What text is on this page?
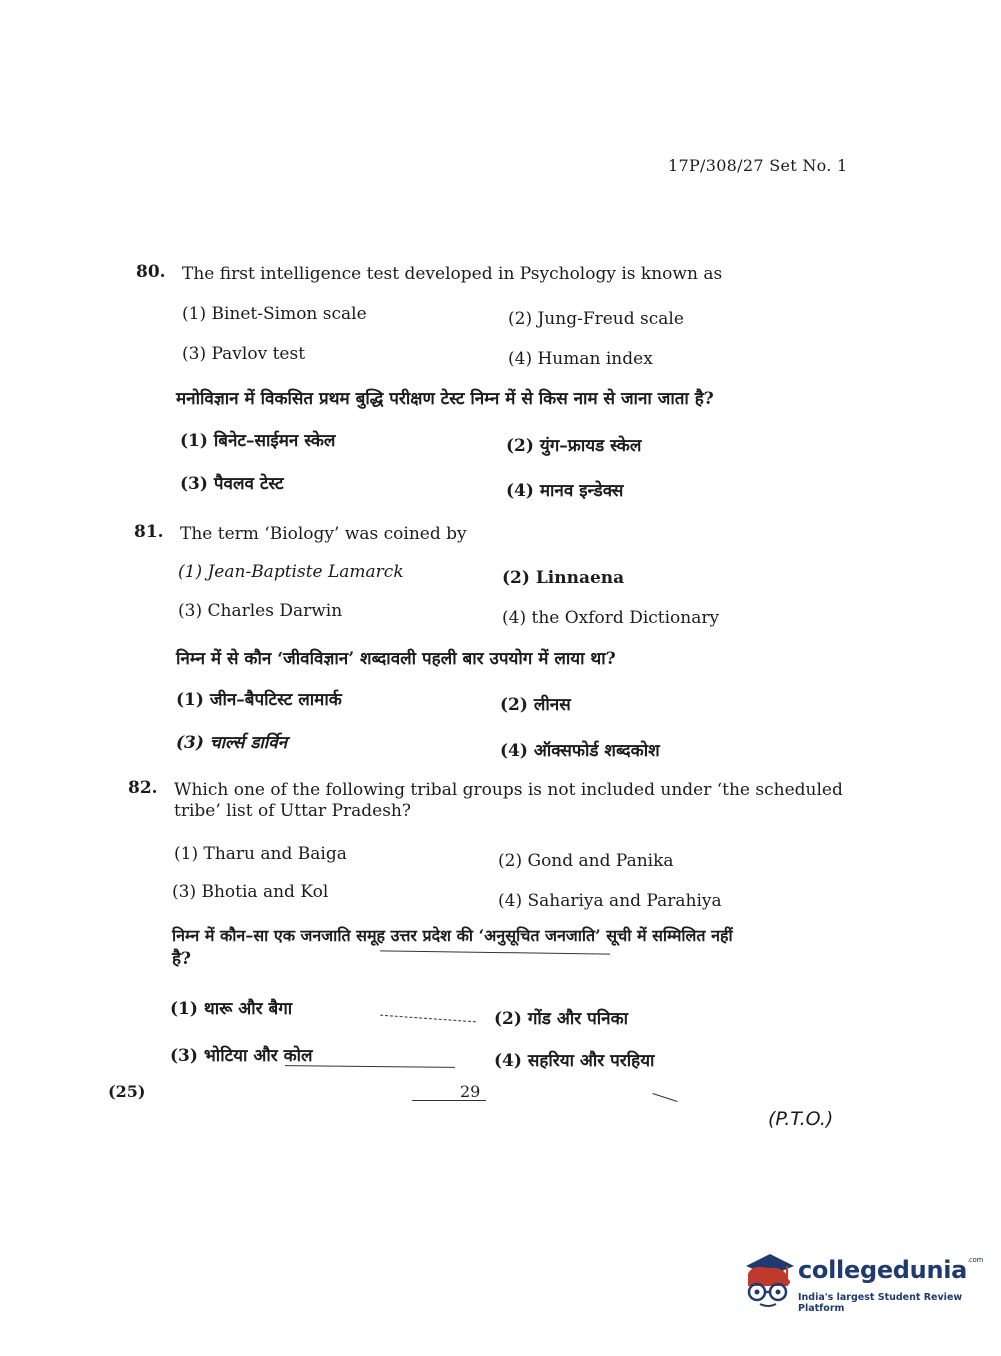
17P/308/27 Set No. 1
80. The first intelligence test developed in Psychology is known as
(1) Binet-Simon scale	(2) Jung-Freud scale
(3) Pavlov test	(4) Human index
मनोविज्ञान में विकसित प्रथम बुद्धि परीक्षण टेस्ट निम्न में से किस नाम से जाना जाता है?
(1) बिनेट–साईमन स्केल	(2) युंग–फ्रायड स्केल
(3) पैवलव टेस्ट	(4) मानव इन्डेक्स
81. The term ‘Biology’ was coined by
(1) Jean-Baptiste Lamarck	(2) Linnaena
(3) Charles Darwin	(4) the Oxford Dictionary
निम्न में से कौन ‘जीवविज्ञान’ शब्दावली पहली बार उपयोग में लाया था?
(1) जीन–बैपटिस्ट लामार्क	(2) लीनस
(3) चार्ल्स डार्विन	(4) ऑक्सफोर्ड शब्दकोश
82. Which one of the following tribal groups is not included under ‘the scheduled
tribe’ list of Uttar Pradesh?
(1) Tharu and Baiga	(2) Gond and Panika
(3) Bhotia and Kol	(4) Sahariya and Parahiya
निम्न में कौन–सा एक जनजाति समूह उत्तर प्रदेश की ‘अनुसूचित जनजाति’ सूची में सम्मिलित नहीं
है?
(1) थारू और बैगा	(2) गोंड और पनिका
(3) भोटिया और कोल	(4) सहरिया और परहिया
(25)	29
(P.T.O.)
collegedunia$^{.com}$
India's largest Student Review Platform
